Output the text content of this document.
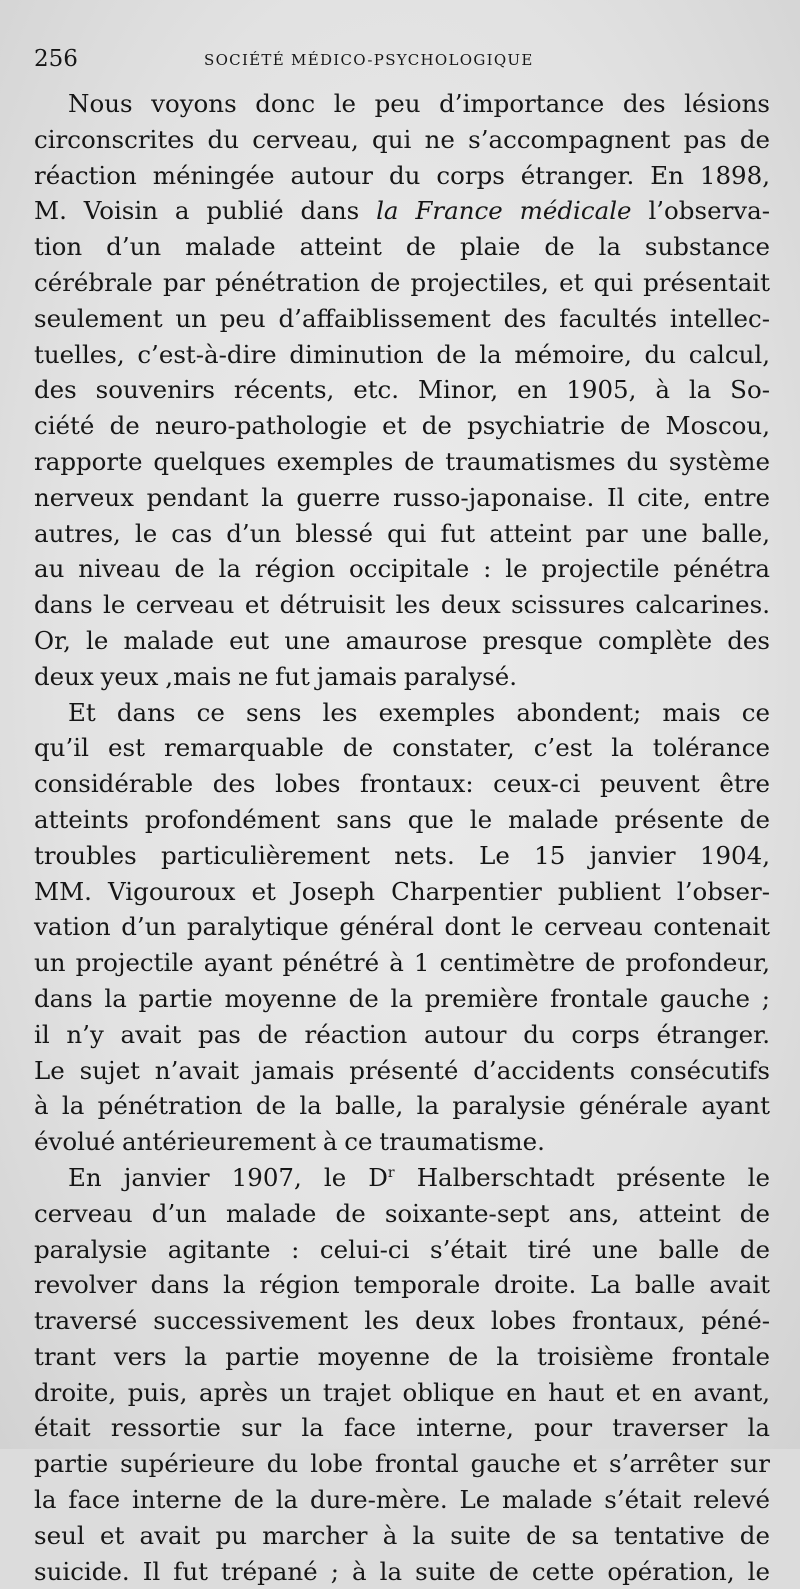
256	SOCIÉTÉ MÉDICO-PSYCHOLOGIQUE
Nous voyons donc le peu d’importance des lésions
circonscrites du cerveau, qui ne s’accompagnent pas de
réaction méningée autour du corps étranger. En 1898,
M. Voisin a publié dans la France médicale l’observa-
tion d’un malade atteint de plaie de la substance
cérébrale par pénétration de projectiles, et qui présentait
seulement un peu d’affaiblissement des facultés intellec-
tuelles, c’est-à-dire diminution de la mémoire, du calcul,
des souvenirs récents, etc. Minor, en 1905, à la So-
ciété de neuro-pathologie et de psychiatrie de Moscou,
rapporte quelques exemples de traumatismes du système
nerveux pendant la guerre russo-japonaise. Il cite, entre
autres, le cas d’un blessé qui fut atteint par une balle,
au niveau de la région occipitale : le projectile pénétra
dans le cerveau et détruisit les deux scissures calcarines.
Or, le malade eut une amaurose presque complète des
deux yeux ,mais ne fut jamais paralysé.
Et dans ce sens les exemples abondent; mais ce
qu’il est remarquable de constater, c’est la tolérance
considérable des lobes frontaux: ceux-ci peuvent être
atteints profondément sans que le malade présente de
troubles particulièrement nets. Le 15 janvier 1904,
MM. Vigouroux et Joseph Charpentier publient l’obser-
vation d’un paralytique général dont le cerveau contenait
un projectile ayant pénétré à 1 centimètre de profondeur,
dans la partie moyenne de la première frontale gauche ;
il n’y avait pas de réaction autour du corps étranger.
Le sujet n’avait jamais présenté d’accidents consécutifs
à la pénétration de la balle, la paralysie générale ayant
évolué antérieurement à ce traumatisme.
En janvier 1907, le $D^r$ Halberschtadt présente le
cerveau d’un malade de soixante-sept ans, atteint de
paralysie agitante : celui-ci s’était tiré une balle de
revolver dans la région temporale droite. La balle avait
traversé successivement les deux lobes frontaux, péné-
trant vers la partie moyenne de la troisième frontale
droite, puis, après un trajet oblique en haut et en avant,
était ressortie sur la face interne, pour traverser la
partie supérieure du lobe frontal gauche et s’arrêter sur
la face interne de la dure-mère. Le malade s’était relevé
seul et avait pu marcher à la suite de sa tentative de
suicide. Il fut trépané ; à la suite de cette opération, le
